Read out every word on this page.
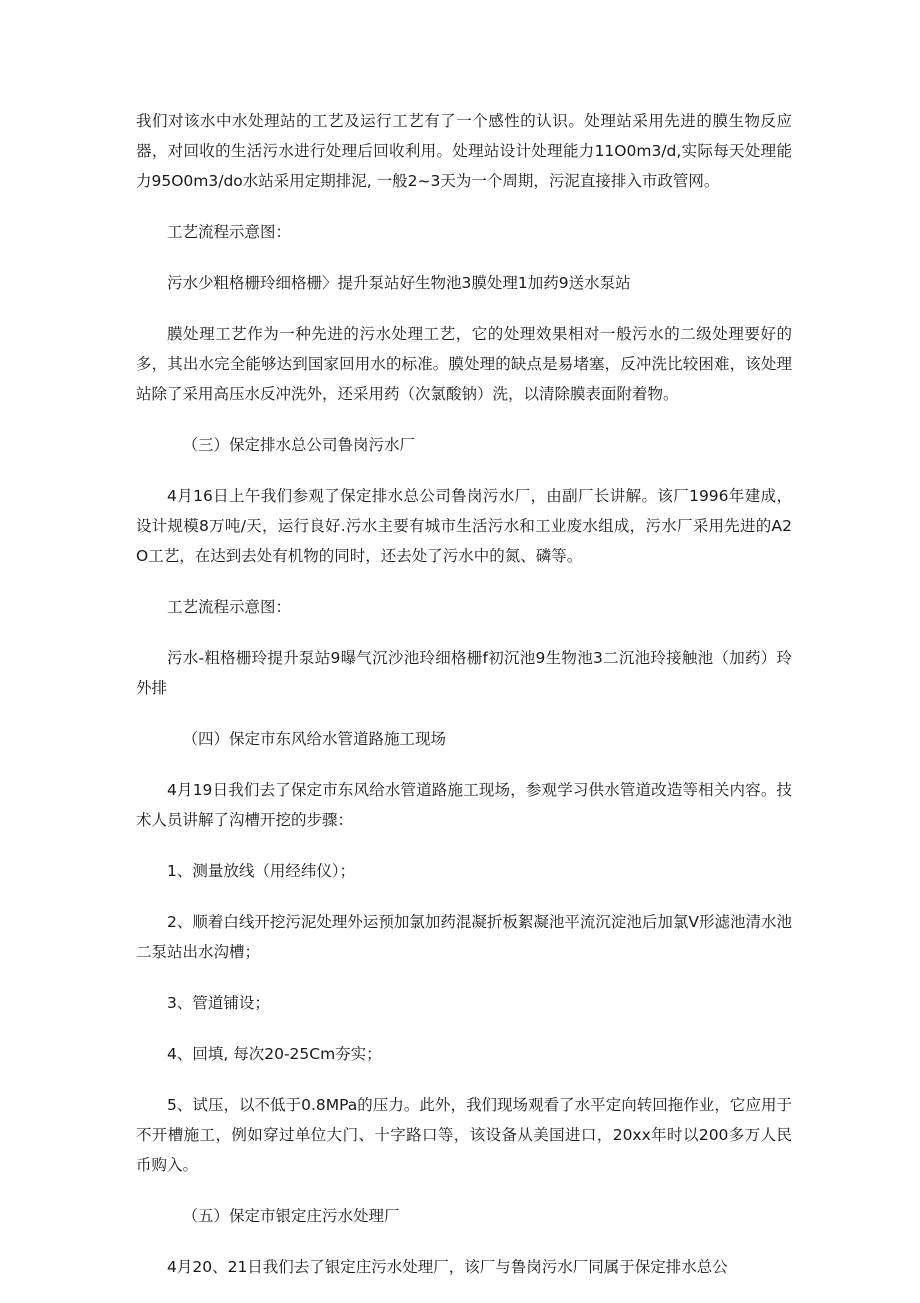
我们对该水中水处理站的工艺及运行工艺有了一个感性的认识。处理站采用先进的膜生物反应器，对回收的生活污水进行处理后回收利用。处理站设计处理能力11O0m3/d,实际每天处理能力95O0m3/do水站采用定期排泥, 一般2~3天为一个周期，污泥直接排入市政管网。

工艺流程示意图：

污水少粗格栅玲细格栅〉提升泵站好生物池3膜处理1加药9送水泵站

膜处理工艺作为一种先进的污水处理工艺，它的处理效果相对一般污水的二级处理要好的多，其出水完全能够达到国家回用水的标准。膜处理的缺点是易堵塞，反冲洗比较困难，该处理站除了采用高压水反冲洗外，还采用药（次氯酸钠）洗，以清除膜表面附着物。

（三）保定排水总公司鲁岗污水厂

4月16日上午我们参观了保定排水总公司鲁岗污水厂，由副厂长讲解。该厂1996年建成，设计规模8万吨/天，运行良好.污水主要有城市生活污水和工业废水组成，污水厂采用先进的A2O工艺，在达到去处有机物的同时，还去处了污水中的氮、磷等。

工艺流程示意图：

污水-粗格栅玲提升泵站9曝气沉沙池玲细格栅f初沉池9生物池3二沉池玲接触池（加药）玲外排

（四）保定市东风给水管道路施工现场

4月19日我们去了保定市东风给水管道路施工现场，参观学习供水管道改造等相关内容。技术人员讲解了沟槽开挖的步骤：

1、测量放线（用经纬仪）；

2、顺着白线开挖污泥处理外运预加氯加药混凝折板絮凝池平流沉淀池后加氯V形滤池清水池二泵站出水沟槽；

3、管道铺设；

4、回填, 每次20-25Cm夯实；

5、试压，以不低于0.8MPa的压力。此外，我们现场观看了水平定向转回拖作业，它应用于不开槽施工，例如穿过单位大门、十字路口等，该设备从美国进口，20xx年时以200多万人民币购入。

（五）保定市银定庄污水处理厂

4月20、21日我们去了银定庄污水处理厂，该厂与鲁岗污水厂同属于保定排水总公
